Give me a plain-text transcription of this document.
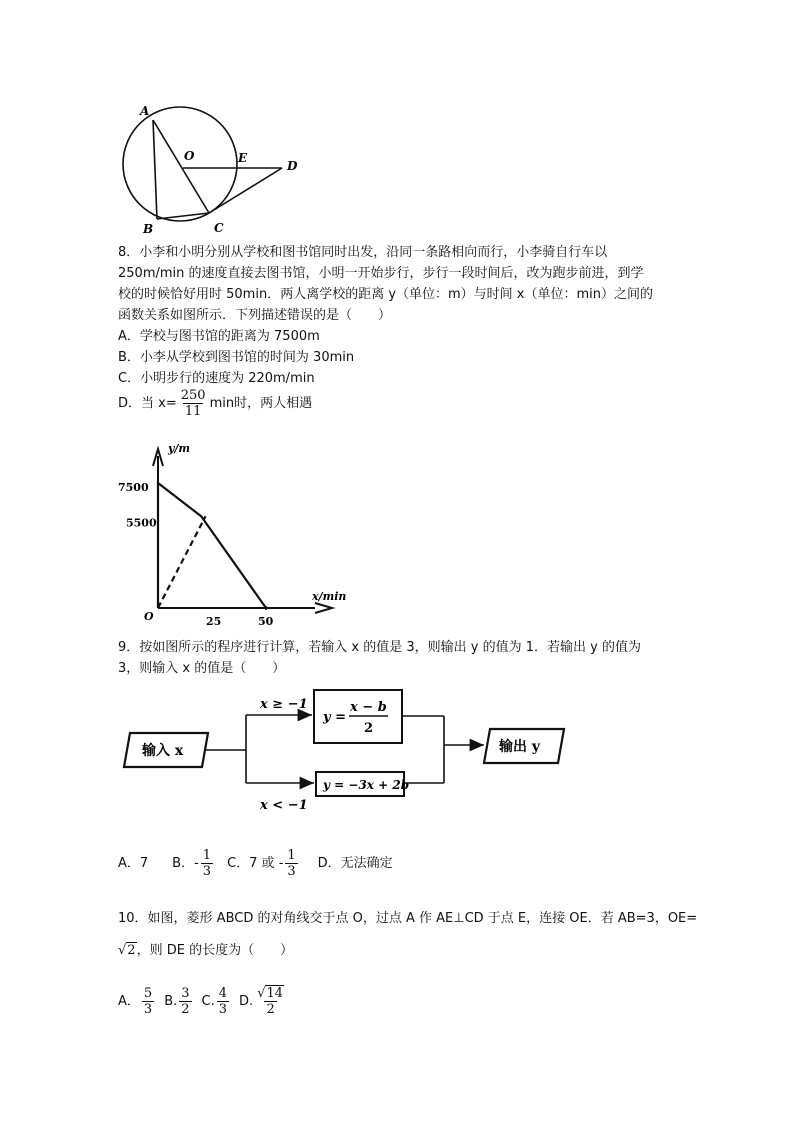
A
B	C
O	E
D
8．小李和小明分别从学校和图书馆同时出发，沿同一条路相向而行，小李骑自行车以
250m/min 的速度直接去图书馆，小明一开始步行，步行一段时间后，改为跑步前进，到学
校的时候恰好用时 50min．两人离学校的距离 y（单位：m）与时间 x（单位：min）之间的
函数关系如图所示．下列描述错误的是（　　）
A．学校与图书馆的距离为 7500m
B．小李从学校到图书馆的时间为 30min
C．小明步行的速度为 220m/min
D．当 $x= \frac{250}{11}$ min时，两人相遇
7500
5500
25	50
O
y/m
x/min
9．按如图所示的程序进行计算，若输入 x 的值是 3，则输出 y 的值为 1．若输出 y 的值为
3，则输入 x 的值是（　　）
输入 x
x ≥ −1
x < −1
y =
x − b
2
y = −3x + 2b
输出 y
A．7 B．- $\frac{1}{3}$ C．7 或 - $\frac{1}{3}$ D．无法确定
10．如图，菱形 ABCD 的对角线交于点 O，过点 A 作 AE⊥CD 于点 E，连接 OE．若 AB=3，OE=
√2 ，则 DE 的长度为（　　）
A． $\frac{5}{3} B$. $\frac{3}{2} C$. $\frac{4}{3} D$. $\frac{√14}{2}$
